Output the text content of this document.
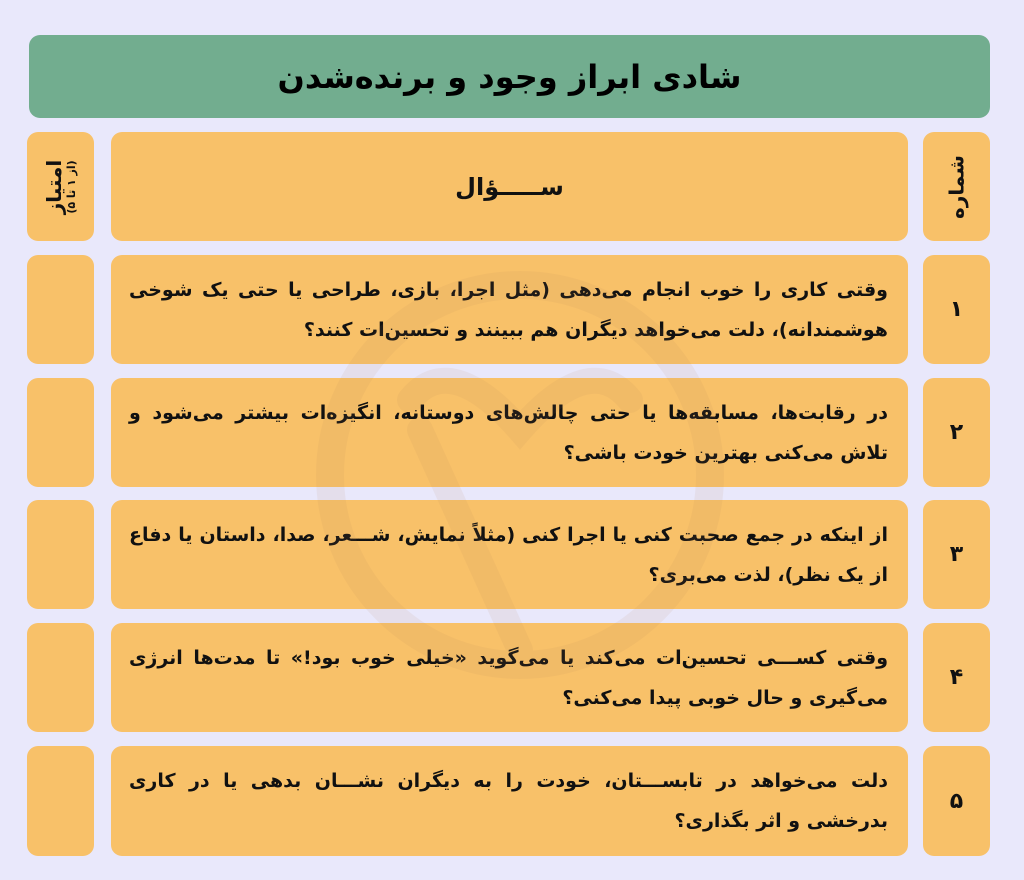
شادی ابراز وجود و برنده‌شدن
امتیاز (از ۱ تا ۵)
ســـــؤال	شماره
وقتی کاری را خوب انجام می‌دهی (مثل اجرا، بازی، طراحی یا حتی یک شوخی هوشمندانه)، دلت می‌خواهد دیگران هم ببینند و تحسین‌ات کنند؟
۱
در رقابت‌ها، مسابقه‌ها یا حتی چالش‌های دوستانه، انگیزه‌ات بیشتر می‌شود و تلاش می‌کنی بهترین خودت باشی؟
۲
از اینکه در جمع صحبت کنی یا اجرا کنی (مثلاً نمایش، شـــعر، صدا، داستان یا دفاع از یک نظر)، لذت می‌بری؟
۳
وقتی کســـی تحسین‌ات می‌کند یا می‌گوید «خیلی خوب بود!» تا مدت‌ها انرژی می‌گیری و حال خوبی پیدا می‌کنی؟
۴
دلت می‌خواهد در تابســـتان، خودت را به دیگران نشـــان بدهی یا در کاری بدرخشی و اثر بگذاری؟
۵
